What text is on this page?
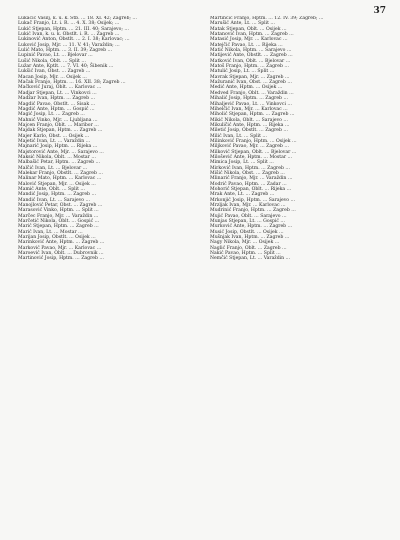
37

Lukačić Vasilj, k. u. k. Stb. … 18. XI. 42; Zagreb; …

Lukač Franjo, Lt. i. R. … 4. X. 38; Osijek; …

Lukić Stjepan, Hptm. … 21. III. 40; Sarajevo; …

Lukić Ivan, k. u. k. Obstlt. i. R. … Zagreb …

Lukinović Anton, Obstlt. … 2. I. 38; Karlovac; …

Luković Josip, Mjr. … 11. V. 41; Varaždin; …

Lulić Mato, Hptm. … 3. II. 39; Zagreb …

Lupinić Pavao, Lt. … Bjelovar …

Lušić Nikola, Oblt. … Split …

Lužar Ante, Kptlt. … 7. VI. 40; Šibenik …

Lukšić Ivan, Obst. … Zagreb …

Macan Josip, Mjr. … Osijek …

Mačak Franjo, Hptm. … 16. XII. 38; Zagreb …

Mačković Juraj, Oblt. … Karlovac …

Madjar Stjepan, Lt. … Vinkovci …

Madžar Ivan, Hptm. … Zagreb …

Magdić Pavao, Obstlt. … Sisak …

Magdić Ante, Hptm. … Gospić …

Magić Josip, Lt. … Zagreb …

Mahnić Vinko, Mjr. … Ljubljana …

Majcen Franjo, Oblt. … Maribor …

Majdak Stjepan, Hptm. … Zagreb …

Majer Karlo, Obst. … Osijek …

Majetić Ivan, Lt. … Varaždin …

Majnarić Josip, Hptm. … Rijeka …

Majstorović Ante, Mjr. … Sarajevo …

Maksić Nikola, Oblt. … Mostar …

Malbašić Petar, Hptm. … Zagreb …

Malčić Ivan, Lt. … Bjelovar …

Malekar Franjo, Obstlt. … Zagreb …

Malinar Mato, Hptm. … Karlovac …

Malović Stjepan, Mjr. … Osijek …

Mamić Ante, Oblt. … Split …

Mandić Josip, Hptm. … Zagreb …

Mandić Ivan, Lt. … Sarajevo …

Manojlović Petar, Obst. … Zagreb …

Marasović Vinko, Hptm. … Split …

Marčec Franjo, Mjr. … Varaždin …

Marčetić Nikola, Oblt. … Gospić …

Marić Stjepan, Hptm. … Zagreb …

Marić Ivan, Lt. … Mostar …

Marijan Josip, Obstlt. … Osijek …

Marinković Ante, Hptm. … Zagreb …

Marković Pavao, Mjr. … Karlovac …

Maroević Ivan, Oblt. … Dubrovnik …

Martinović Josip, Hptm. … Zagreb …

Martinčić Franjo, Hptm. … 12. IV. 39; Zagreb; …

Marušić Ante, Lt. … Split …

Matak Stjepan, Oblt. … Osijek …

Matanović Ivan, Hptm. … Zagreb …

Matasić Josip, Mjr. … Karlovac …

Matejčić Pavao, Lt. … Rijeka …

Matić Nikola, Hptm. … Sarajevo …

Matijević Ante, Obstlt. … Zagreb …

Matković Ivan, Oblt. … Bjelovar …

Matoš Franjo, Hptm. … Zagreb …

Matulić Josip, Lt. … Split …

Mavrak Stjepan, Mjr. … Zagreb …

Mažuranić Ivan, Obst. … Zagreb …

Medić Ante, Hptm. … Osijek …

Medved Franjo, Oblt. … Varaždin …

Mihalić Josip, Hptm. … Zagreb …

Mihaljević Pavao, Lt. … Vinkovci …

Mihelčić Ivan, Mjr. … Karlovac …

Miholić Stjepan, Hptm. … Zagreb …

Mikić Nikola, Oblt. … Sarajevo …

Mikuličić Ante, Hptm. … Rijeka …

Miletić Josip, Obstlt. … Zagreb …

Milić Ivan, Lt. … Split …

Milinković Franjo, Hptm. … Osijek …

Miljković Pavao, Mjr. … Zagreb …

Milković Stjepan, Oblt. … Bjelovar …

Milošević Ante, Hptm. … Mostar …

Mimica Josip, Lt. … Split …

Mirković Ivan, Hptm. … Zagreb …

Mišić Nikola, Obst. … Zagreb …

Mlinarić Franjo, Mjr. … Varaždin …

Modrić Pavao, Hptm. … Zadar …

Mohorić Stjepan, Oblt. … Rijeka …

Mrak Ante, Lt. … Zagreb …

Mrkonjić Josip, Hptm. … Sarajevo …

Mrzljak Ivan, Mjr. … Karlovac …

Mudrinić Franjo, Hptm. … Zagreb …

Mujić Pavao, Oblt. … Sarajevo …

Munjas Stjepan, Lt. … Gospić …

Murković Ante, Hptm. … Zagreb …

Musić Josip, Obstlt. … Osijek …

Mušnjak Ivan, Hptm. … Zagreb …

Nagy Nikola, Mjr. … Osijek …

Naglić Franjo, Oblt. … Zagreb …

Nakić Pavao, Hptm. … Split …

Nemčić Stjepan, Lt. … Varaždin …
